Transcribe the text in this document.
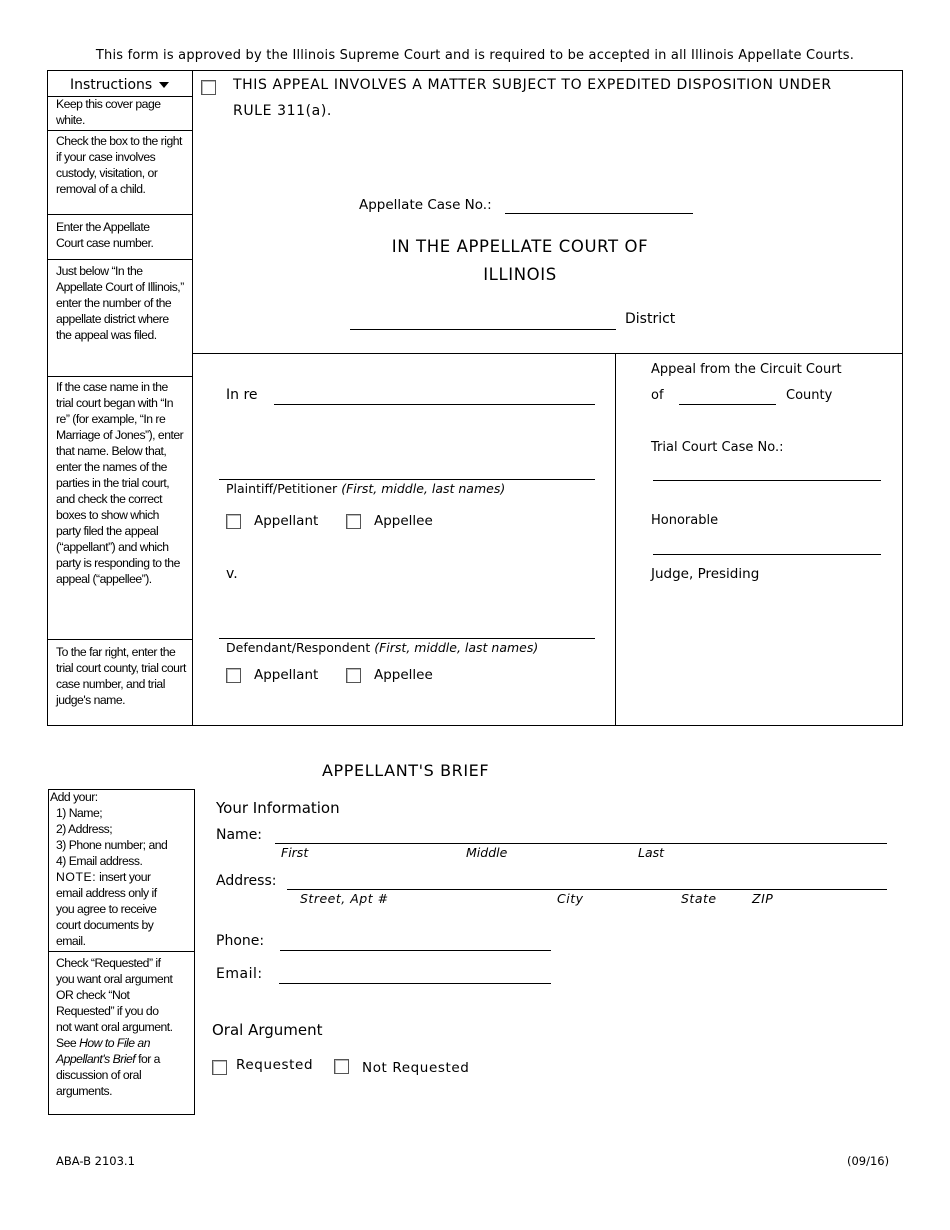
This form is approved by the Illinois Supreme Court and is required to be accepted in all Illinois Appellate Courts.
Instructions
Keep this cover page white.
Check the box to the right if your case involves custody, visitation, or removal of a child.
Enter the Appellate Court case number.
Just below “In the Appellate Court of Illinois,” enter the number of the appellate district where the appeal was filed.
If the case name in the trial court began with “In re” (for example, “In re Marriage of Jones”), enter that name. Below that, enter the names of the parties in the trial court, and check the correct boxes to show which party filed the appeal (“appellant”) and which party is responding to the appeal (“appellee”).
To the far right, enter the trial court county, trial court case number, and trial judge's name.
THIS APPEAL INVOLVES A MATTER SUBJECT TO EXPEDITED DISPOSITION UNDER
RULE 311(a).
Appellate Case No.:
IN THE APPELLATE COURT OF
ILLINOIS
District
In re
Plaintiff/Petitioner (First, middle, last names)
Appellant	Appellee
v.
Defendant/Respondent (First, middle, last names)
Appellant	Appellee
Appeal from the Circuit Court
of	County
Trial Court Case No.:
Honorable
Judge, Presiding
APPELLANT'S BRIEF
Add your:
1) Name;
2) Address;
3) Phone number; and
4) Email address.
NOTE: insert your
email address only if
you agree to receive
court documents by
email.
Check “Requested” if
you want oral argument
OR check “Not
Requested” if you do
not want oral argument.
See How to File an
Appellant's Brief for a
discussion of oral
arguments.
Your Information
Name:
First	Middle	Last
Address:
Street, Apt #	City	State	ZIP
Phone:
Email:
Oral Argument
Requested	Not Requested
ABA-B 2103.1	(09/16)
